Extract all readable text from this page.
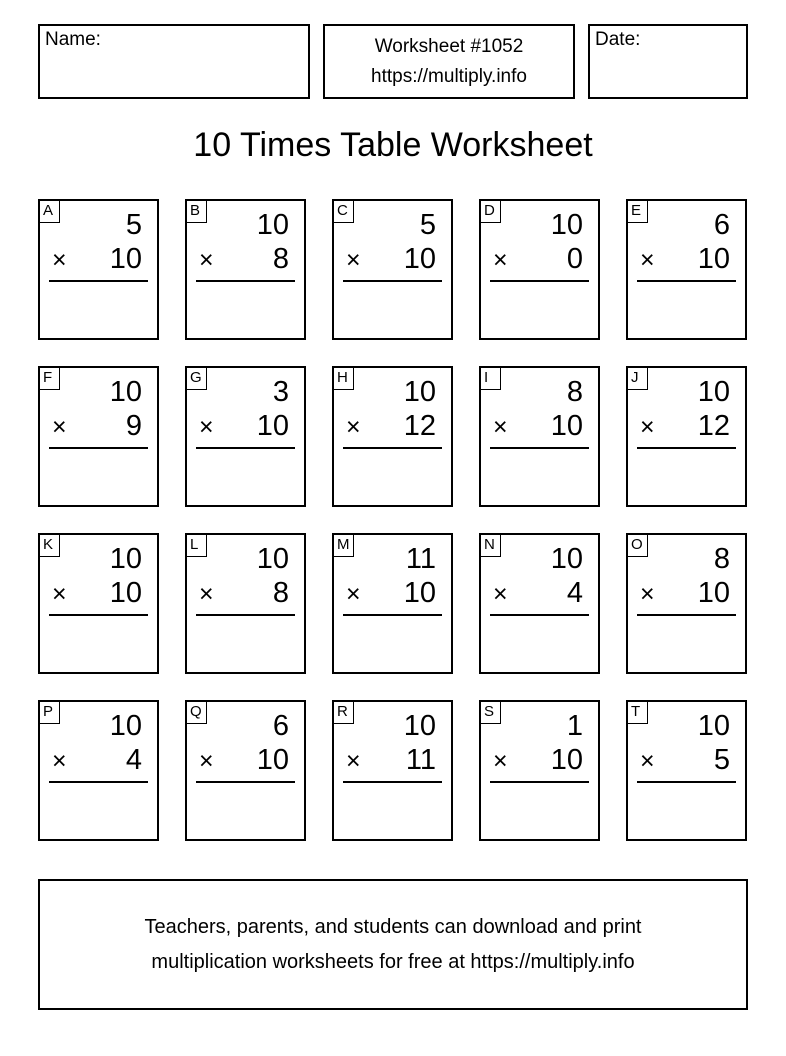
Name:	Worksheet #1052
https://multiply.info
Date:
10 Times Table Worksheet
A	5
× 10
B 10
× 8
C 5
× 10
D 10
× 0
E	6
× 10
F 10
× 9
G 3
× 10
H 10
× 12
I	8
× 10
J	10
× 12
K 10
× 10
L 10
× 8
M 11
× 10
N 10
× 4
O 8
× 10
P 10
× 4
Q 6
× 10
R 10
× 11
S	1
× 10
T 10
× 5
Teachers, parents, and students can download and print
multiplication worksheets for free at https://multiply.info
